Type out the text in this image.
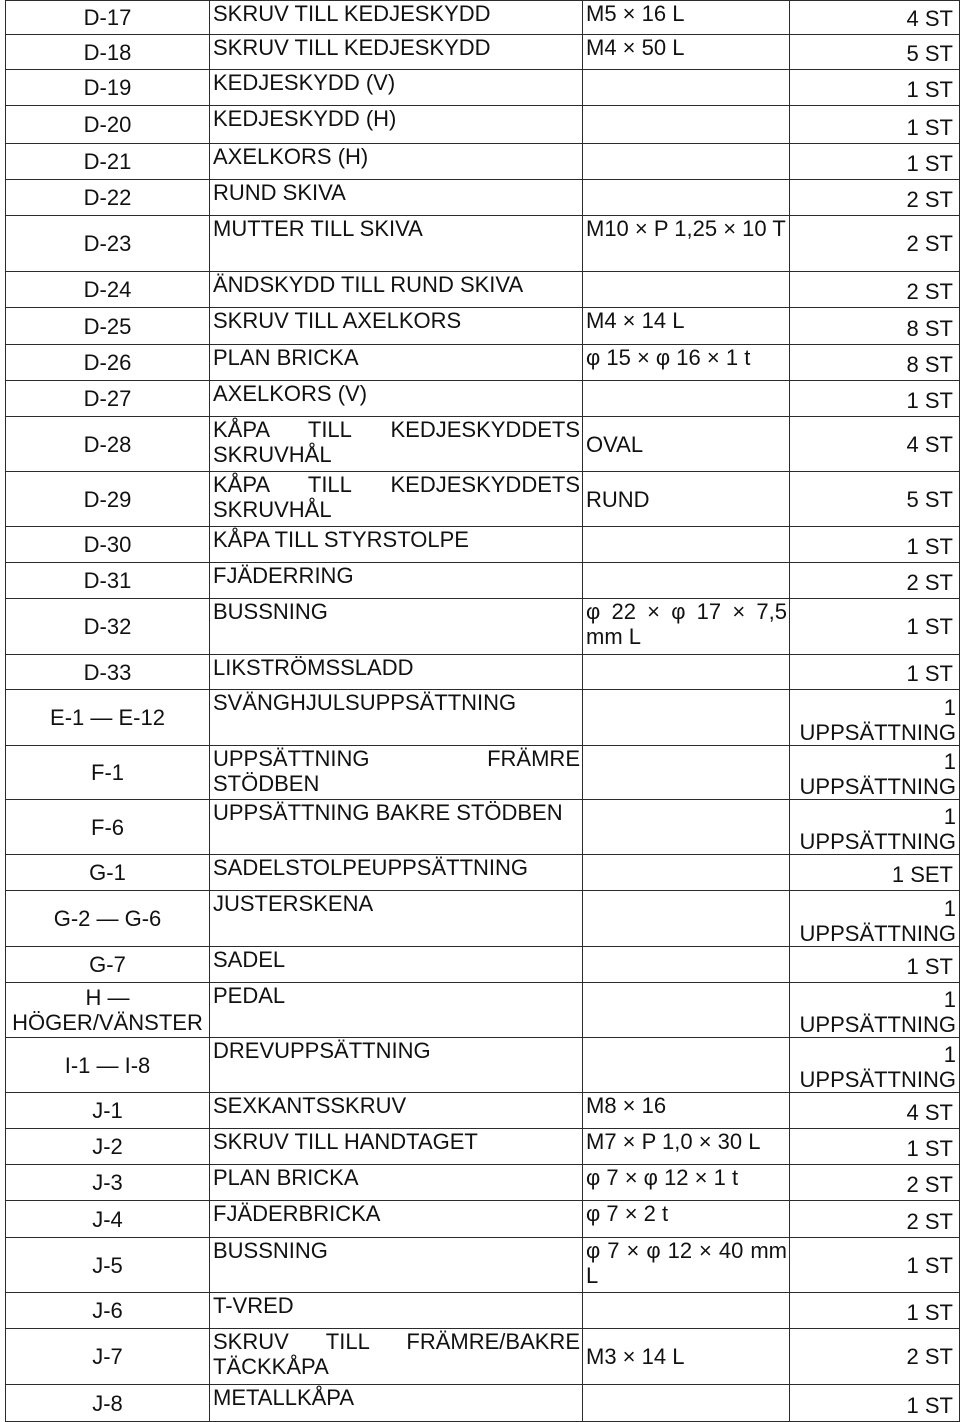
D-17	SKRUV TILL KEDJESKYDD	M5 × 16 L	4 ST
D-18	SKRUV TILL KEDJESKYDD	M4 × 50 L	5 ST
D-19	KEDJESKYDD (V)		1 ST
D-20	KEDJESKYDD (H)		1 ST
D-21	AXELKORS (H)		1 ST
D-22	RUND SKIVA		2 ST
D-23	MUTTER TILL SKIVA	M10 × P 1,25 × 10 T	2 ST
D-24	ÄNDSKYDD TILL RUND SKIVA		2 ST
D-25	SKRUV TILL AXELKORS	M4 × 14 L	8 ST
D-26	PLAN BRICKA	φ 15 × φ 16 × 1 t	8 ST
D-27	AXELKORS (V)		1 ST
D-28	KÅPA TILL KEDJESKYDDETS SKRUVHÅL	OVAL	4 ST
D-29	KÅPA TILL KEDJESKYDDETS SKRUVHÅL	RUND	5 ST
D-30	KÅPA TILL STYRSTOLPE		1 ST
D-31	FJÄDERRING		2 ST
D-32	BUSSNING	φ 22 × φ 17 × 7,5 mm L	1 ST
D-33	LIKSTRÖMSSLADD		1 ST
E-1 — E-12	SVÄNGHJULSUPPSÄTTNING		1 UPPSÄTTNING
F-1	UPPSÄTTNING FRÄMRE STÖDBEN		1 UPPSÄTTNING
F-6	UPPSÄTTNING BAKRE STÖDBEN		1 UPPSÄTTNING
G-1	SADELSTOLPEUPPSÄTTNING		1 SET
G-2 — G-6	JUSTERSKENA		1 UPPSÄTTNING
G-7	SADEL		1 ST
H — HÖGER/VÄNSTER	PEDAL		1 UPPSÄTTNING
I-1 — I-8	DREVUPPSÄTTNING		1 UPPSÄTTNING
J-1	SEXKANTSSKRUV	M8 × 16	4 ST
J-2	SKRUV TILL HANDTAGET	M7 × P 1,0 × 30 L	1 ST
J-3	PLAN BRICKA	φ 7 × φ 12 × 1 t	2 ST
J-4	FJÄDERBRICKA	φ 7 × 2 t	2 ST
J-5	BUSSNING	φ 7 × φ 12 × 40 mm L	1 ST
J-6	T-VRED		1 ST
J-7	SKRUV TILL FRÄMRE/BAKRE TÄCKKÅPA	M3 × 14 L	2 ST
J-8	METALLKÅPA		1 ST
